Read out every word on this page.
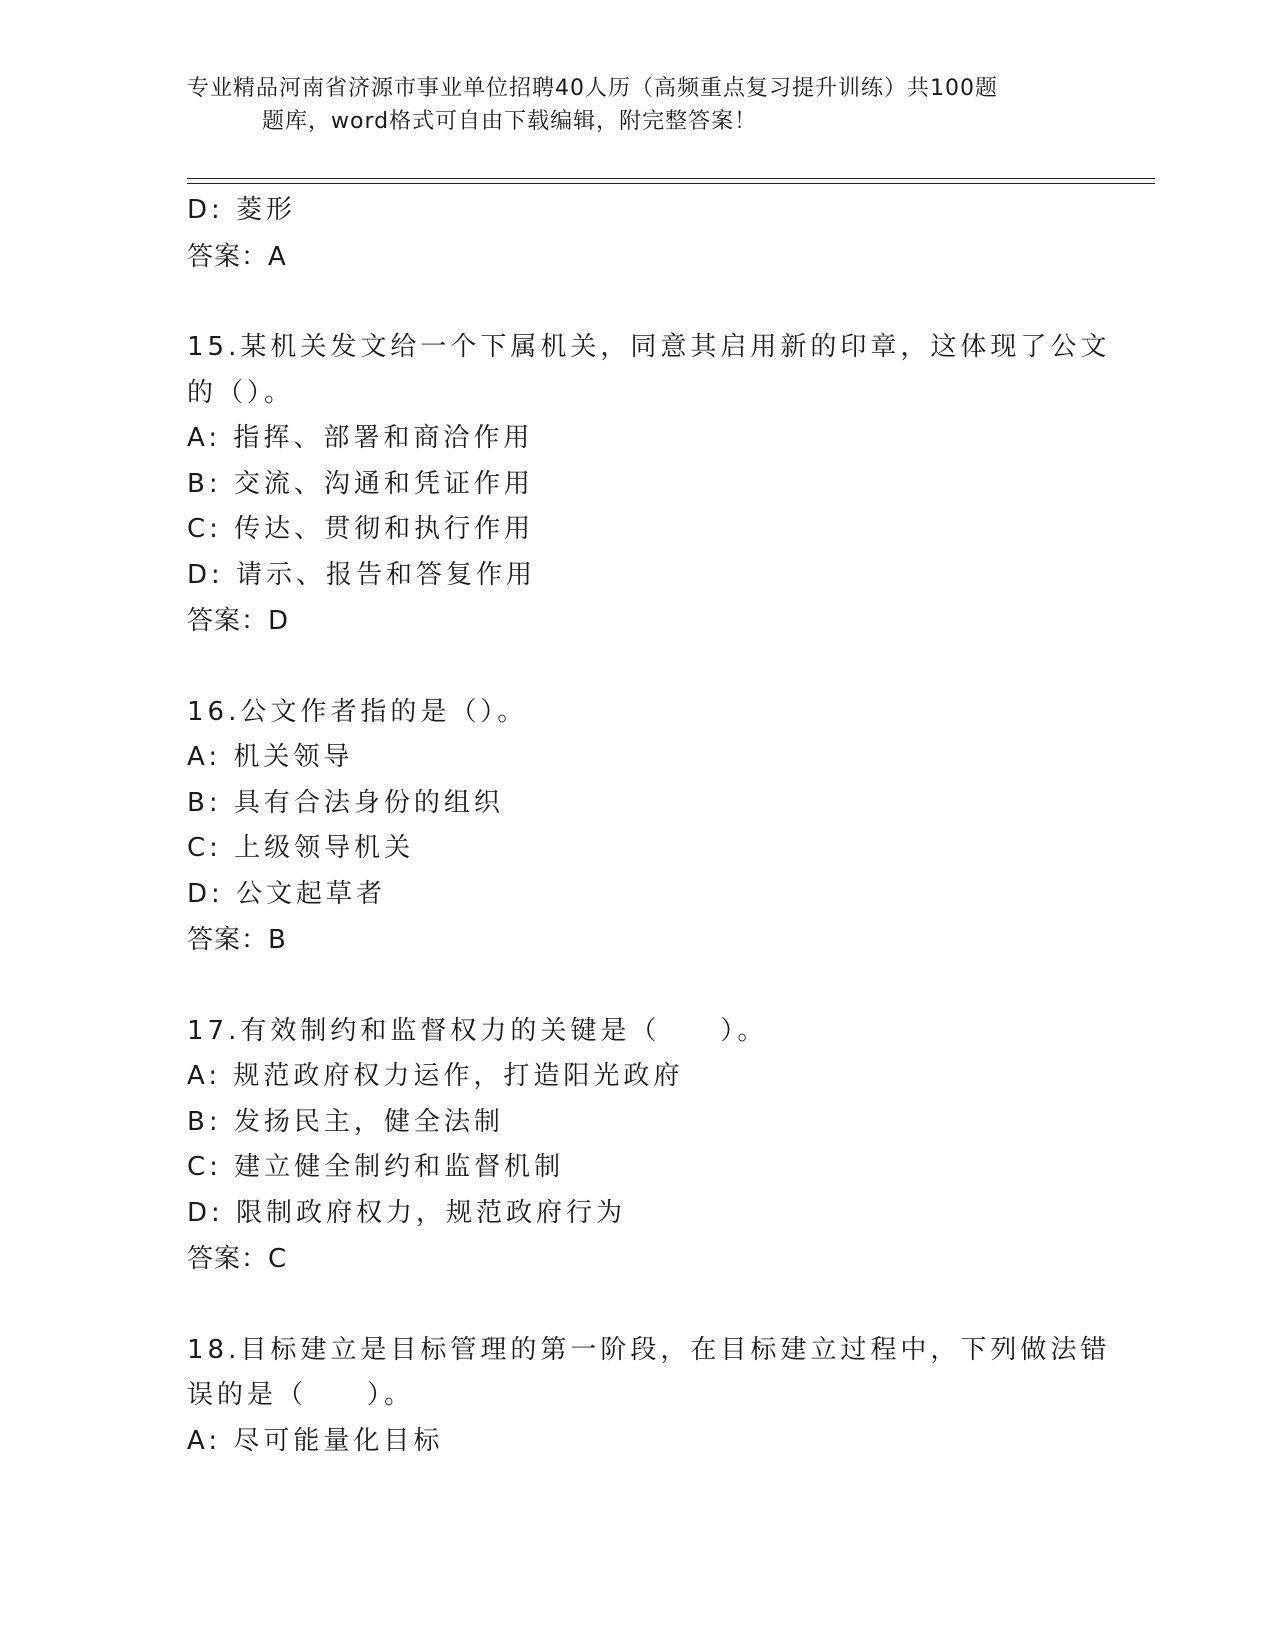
专业精品河南省济源市事业单位招聘40人历（高频重点复习提升训练）共100题
题库，word格式可自由下载编辑，附完整答案！
D: 菱形
答案：A
15.某机关发文给一个下属机关，同意其启用新的印章，这体现了公文
的（）。
A: 指挥、部署和商洽作用
B: 交流、沟通和凭证作用
C: 传达、贯彻和执行作用
D: 请示、报告和答复作用
答案：D
16.公文作者指的是（）。
A: 机关领导
B: 具有合法身份的组织
C: 上级领导机关
D: 公文起草者
答案：B
17.有效制约和监督权力的关键是（　　）。
A: 规范政府权力运作，打造阳光政府
B: 发扬民主，健全法制
C: 建立健全制约和监督机制
D: 限制政府权力，规范政府行为
答案：C
18.目标建立是目标管理的第一阶段，在目标建立过程中，下列做法错
误的是（　　）。
A: 尽可能量化目标
